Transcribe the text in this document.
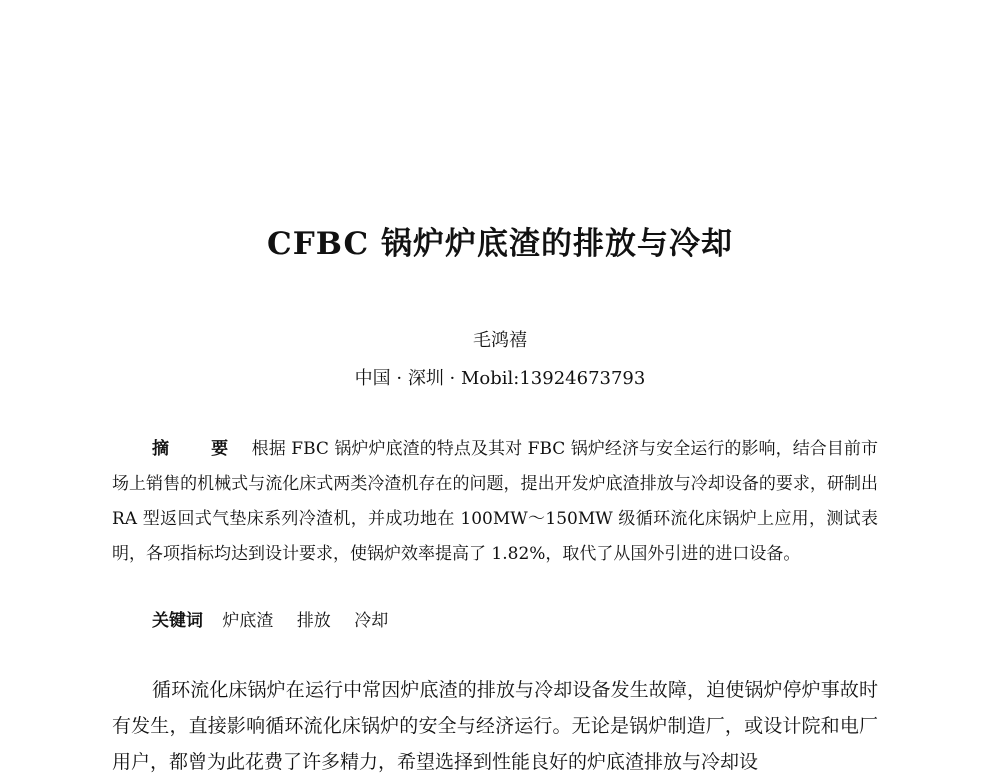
CFBC 锅炉炉底渣的排放与冷却

毛鸿禧

中国 · 深圳 · Mobil:13924673793

摘 要 根据 FBC 锅炉炉底渣的特点及其对 FBC 锅炉经济与安全运行的影响，结合目前市场上销售的机械式与流化床式两类冷渣机存在的问题，提出开发炉底渣排放与冷却设备的要求，研制出 RA 型返回式气垫床系列冷渣机，并成功地在 100MW～150MW 级循环流化床锅炉上应用，测试表明，各项指标均达到设计要求，使锅炉效率提高了 1.82%，取代了从国外引进的进口设备。

关键词 炉底渣 排放 冷却

循环流化床锅炉在运行中常因炉底渣的排放与冷却设备发生故障，迫使锅炉停炉事故时有发生，直接影响循环流化床锅炉的安全与经济运行。无论是锅炉制造厂，或设计院和电厂用户，都曾为此花费了许多精力，希望选择到性能良好的炉底渣排放与冷却设
